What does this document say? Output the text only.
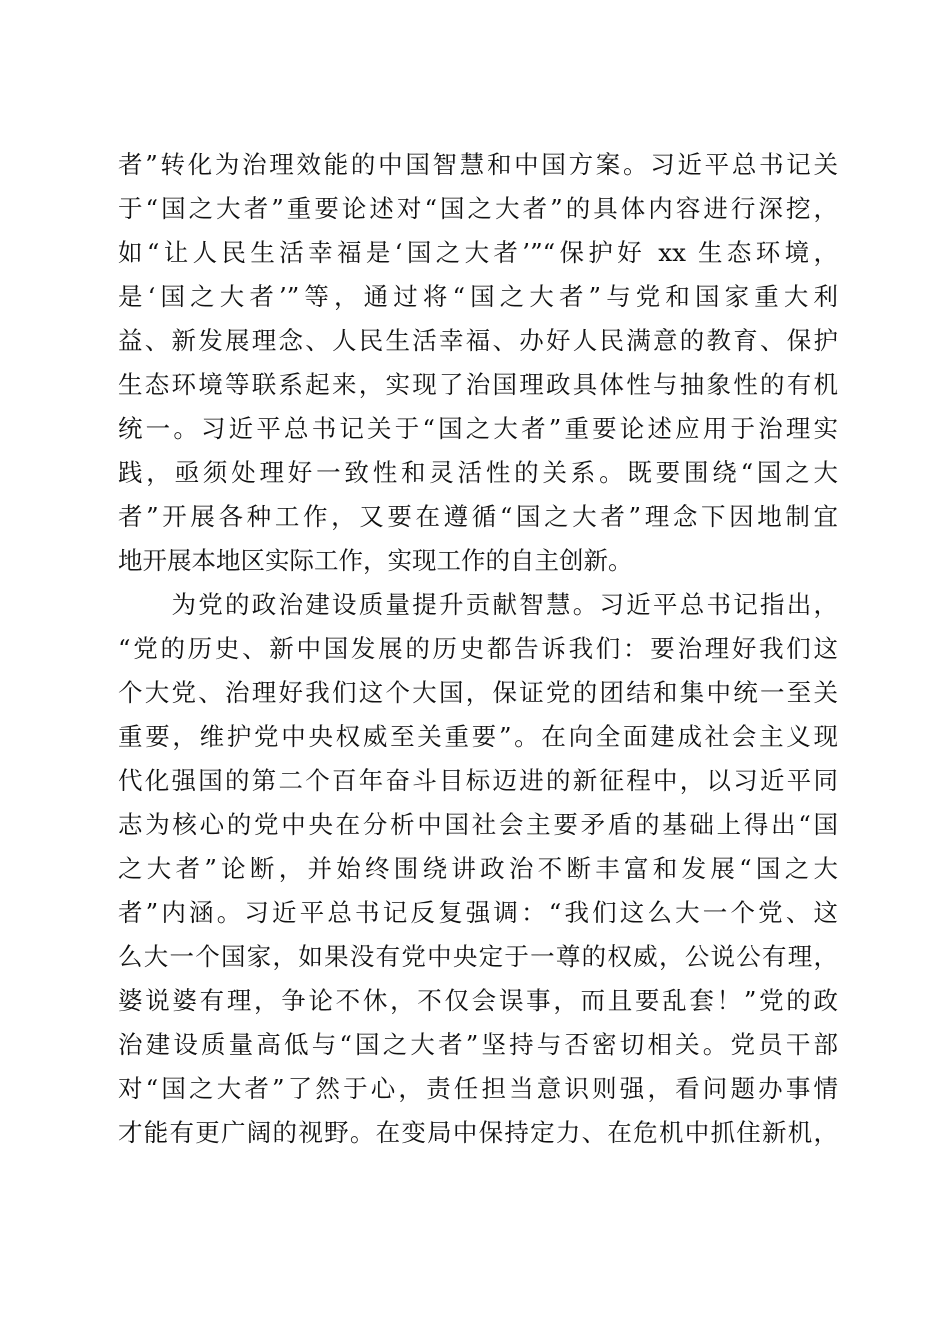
者”转化为治理效能的中国智慧和中国方案。习近平总书记关
于“国之大者”重要论述对“国之大者”的具体内容进行深挖，
如“让人民生活幸福是‘国之大者’”“保护好 xx 生态环境，
是‘国之大者’”等，通过将“国之大者”与党和国家重大利
益、新发展理念、人民生活幸福、办好人民满意的教育、保护
生态环境等联系起来，实现了治国理政具体性与抽象性的有机
统一。习近平总书记关于“国之大者”重要论述应用于治理实
践，亟须处理好一致性和灵活性的关系。既要围绕“国之大
者”开展各种工作，又要在遵循“国之大者”理念下因地制宜
地开展本地区实际工作，实现工作的自主创新。
　　为党的政治建设质量提升贡献智慧。习近平总书记指出，
“党的历史、新中国发展的历史都告诉我们：要治理好我们这
个大党、治理好我们这个大国，保证党的团结和集中统一至关
重要，维护党中央权威至关重要”。在向全面建成社会主义现
代化强国的第二个百年奋斗目标迈进的新征程中，以习近平同
志为核心的党中央在分析中国社会主要矛盾的基础上得出“国
之大者”论断，并始终围绕讲政治不断丰富和发展“国之大
者”内涵。习近平总书记反复强调：“我们这么大一个党、这
么大一个国家，如果没有党中央定于一尊的权威，公说公有理，
婆说婆有理，争论不休，不仅会误事，而且要乱套！”党的政
治建设质量高低与“国之大者”坚持与否密切相关。党员干部
对“国之大者”了然于心，责任担当意识则强，看问题办事情
才能有更广阔的视野。在变局中保持定力、在危机中抓住新机，
